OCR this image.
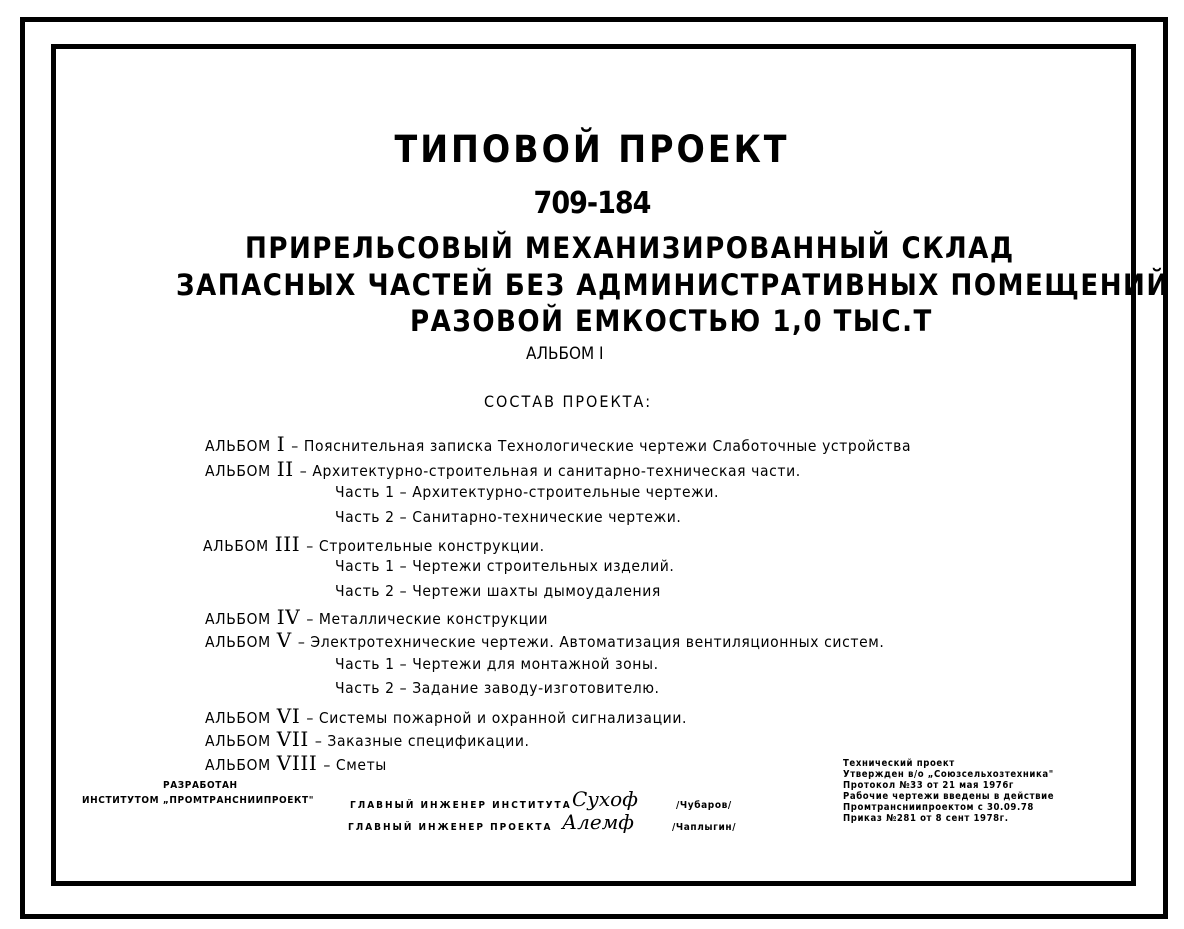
ТИПОВОЙ ПРОЕКТ
709-184
ПРИРЕЛЬСОВЫЙ МЕХАНИЗИРОВАННЫЙ СКЛАД
ЗАПАСНЫХ ЧАСТЕЙ БЕЗ АДМИНИСТРАТИВНЫХ ПОМЕЩЕНИЙ
РАЗОВОЙ ЕМКОСТЬЮ 1,0 ТЫС.Т
АЛЬБОМ I
СОСТАВ ПРОЕКТА:
АЛЬБОМ I – Пояснительная записка Технологические чертежи Слаботочные устройства
АЛЬБОМ II – Архитектурно-строительная и санитарно-техническая части.
Часть 1 – Архитектурно-строительные чертежи.
Часть 2 – Санитарно-технические чертежи.
АЛЬБОМ III – Строительные конструкции.
Часть 1 – Чертежи строительных изделий.
Часть 2 – Чертежи шахты дымоудаления
АЛЬБОМ IV – Металлические конструкции
АЛЬБОМ V – Электротехнические чертежи. Автоматизация вентиляционных систем.
Часть 1 – Чертежи для монтажной зоны.
Часть 2 – Задание заводу-изготовителю.
АЛЬБОМ VI – Системы пожарной и охранной сигнализации.
АЛЬБОМ VII – Заказные спецификации.
АЛЬБОМ VIII – Сметы
РАЗРАБОТАН
ИНСТИТУТОМ „ПРОМТРАНСНИИПРОЕКТ"	ГЛАВНЫЙ ИНЖЕНЕР ИНСТИТУТА
ГЛАВНЫЙ ИНЖЕНЕР ПРОЕКТА
Сухоф
Алемф
/Чубаров/
/Чаплыгин/
Технический проект
Утвержден в/о „Союзсельхозтехника"
Протокол №33 от 21 мая 1976г
Рабочие чертежи введены в действие
Промтрансниипроектом с 30.09.78
Приказ №281 от 8 сент 1978г.
